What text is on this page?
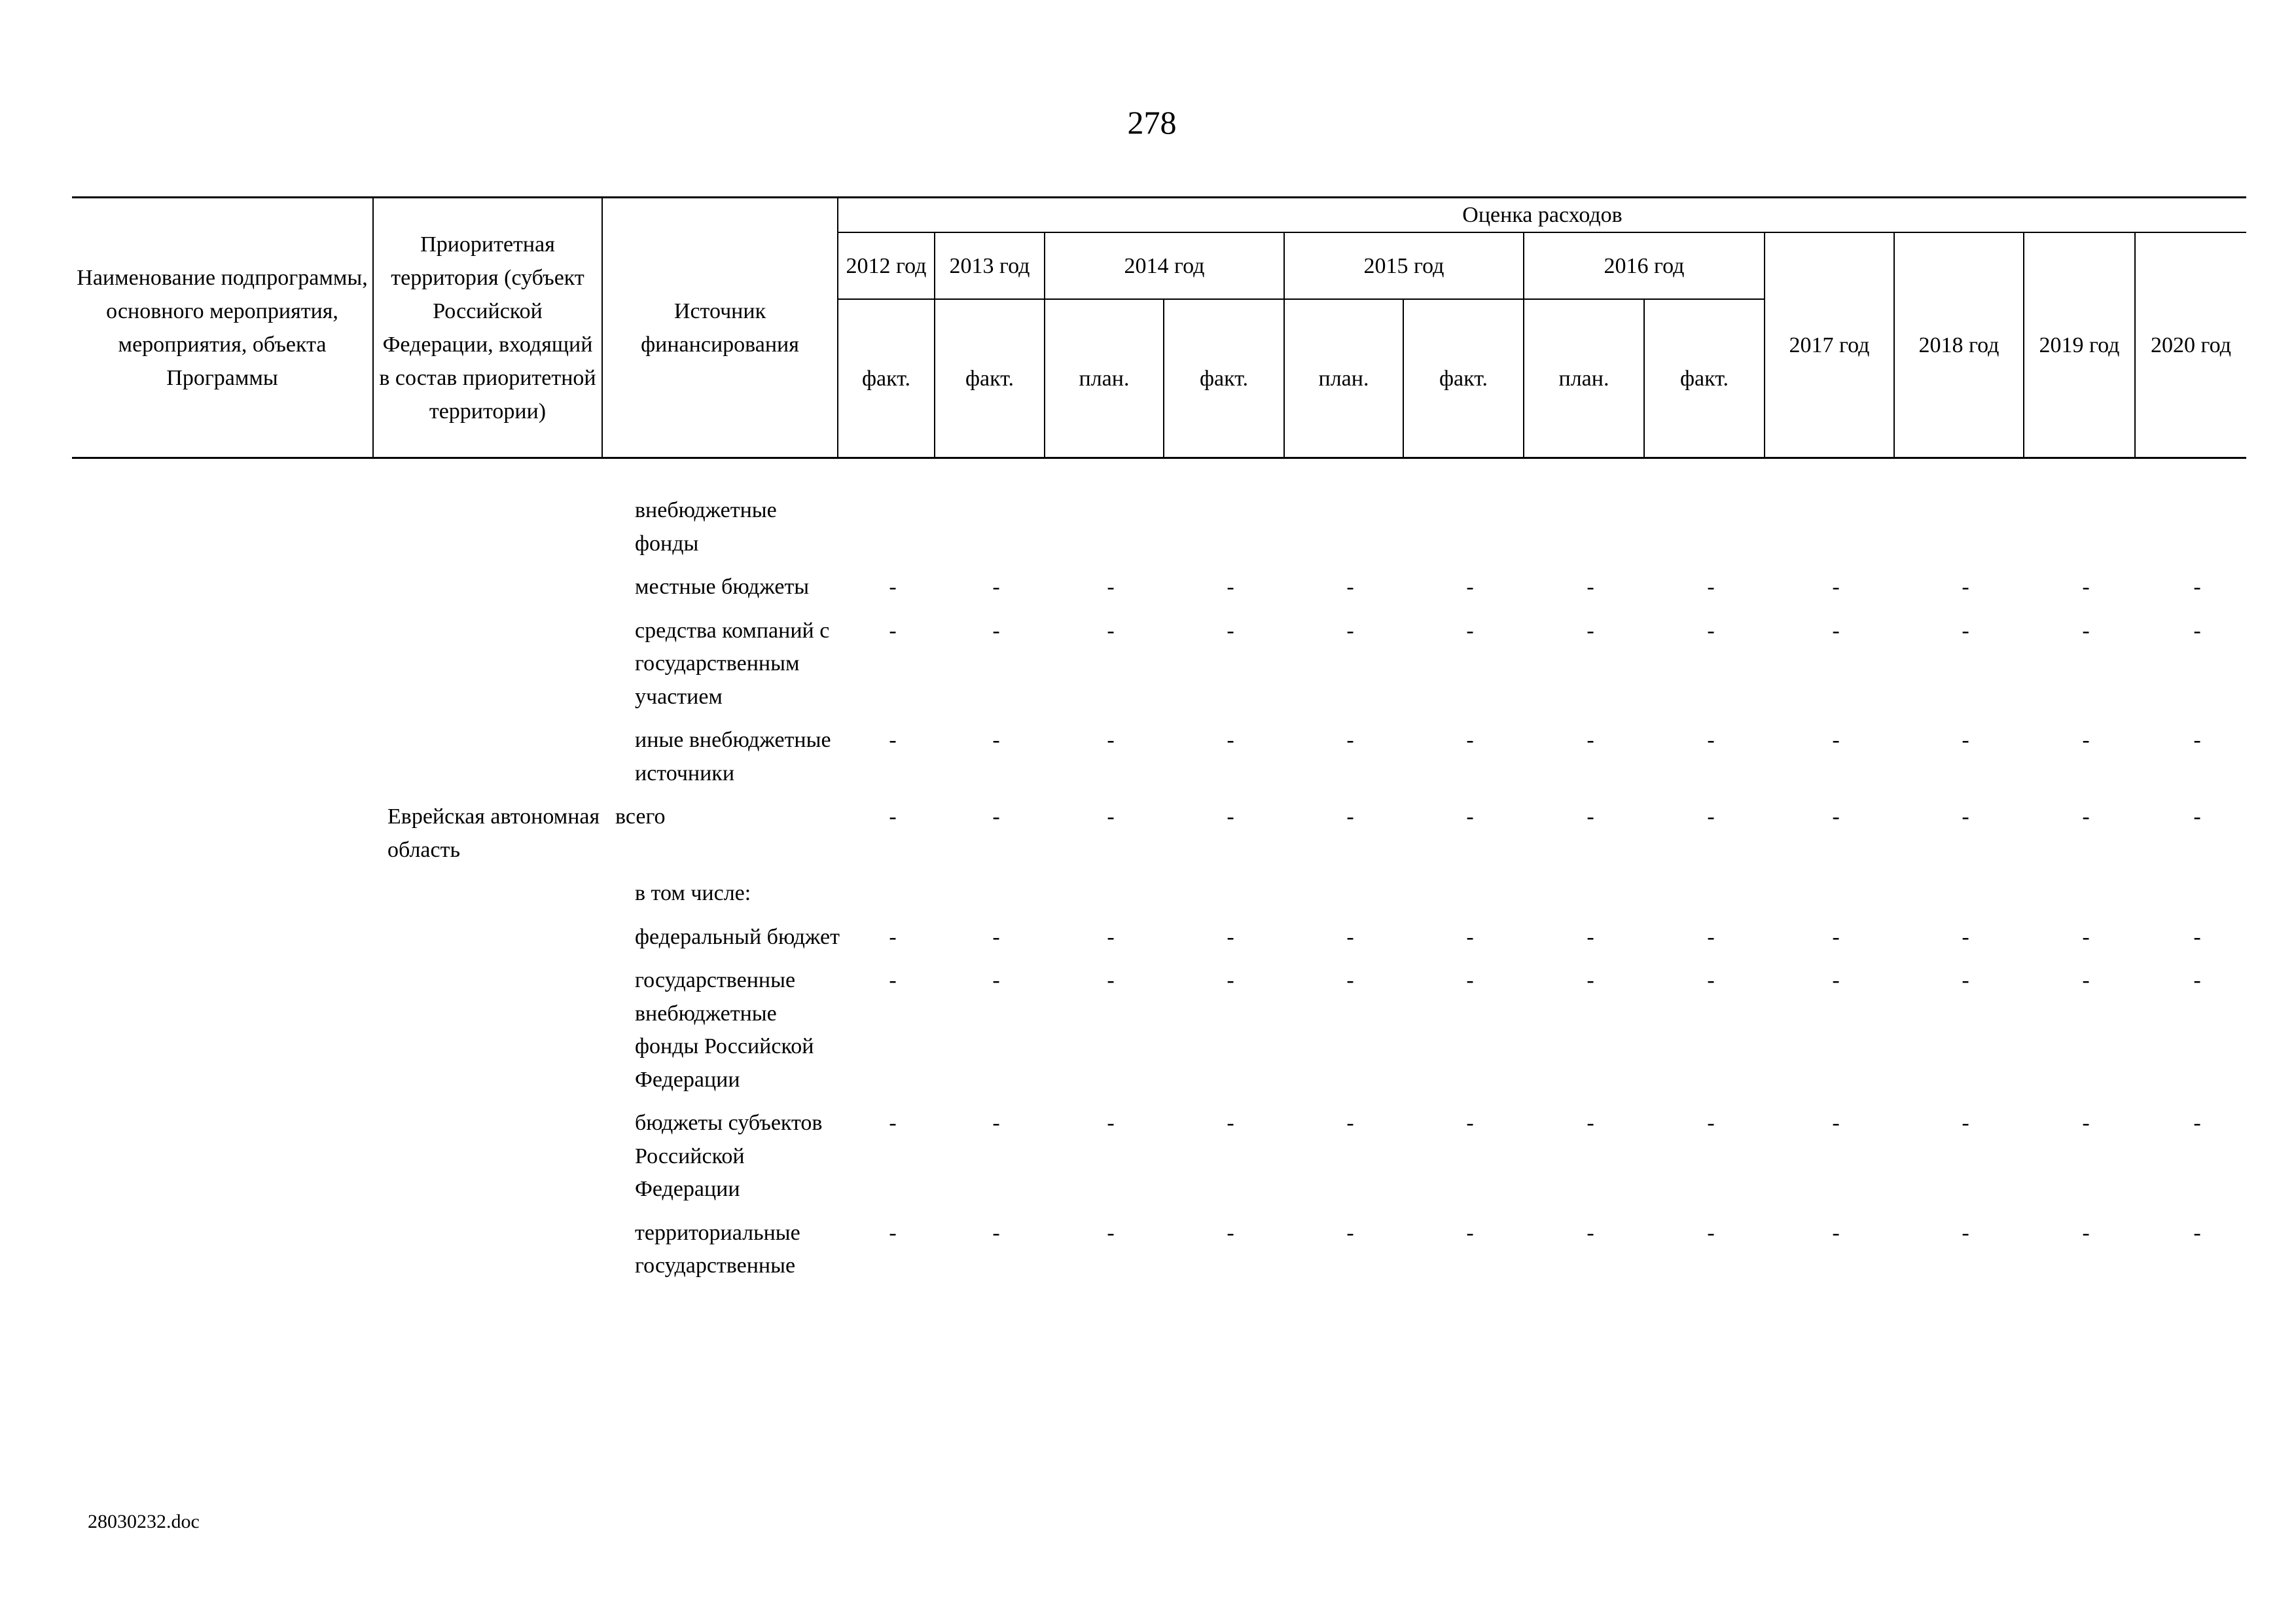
278
Наименование подпрограммы, основного мероприятия, мероприятия, объекта Программы	Приоритетная территория (субъект Российской Федерации, входящий в состав приоритетной территории)	Источник финансирования	Оценка расходов											
			2012 год	2013 год	2014 год		2015 год		2016 год		2017 год	2018 год	2019 год	2020 год
			факт.	факт.	план.	факт.	план.	факт.	план.	факт.				
		внебюджетные фонды												
		местные бюджеты	-	-	-	-	-	-	-	-	-	-	-	-
		средства компаний с государственным участием	-	-	-	-	-	-	-	-	-	-	-	-
		иные внебюджетные источники	-	-	-	-	-	-	-	-	-	-	-	-
	Еврейская автономная область	всего	-	-	-	-	-	-	-	-	-	-	-	-
		в том числе:												
		федеральный бюджет	-	-	-	-	-	-	-	-	-	-	-	-
		государственные внебюджетные фонды Российской Федерации	-	-	-	-	-	-	-	-	-	-	-	-
		бюджеты субъектов Российской Федерации	-	-	-	-	-	-	-	-	-	-	-	-
		территориальные государственные	-	-	-	-	-	-	-	-	-	-	-	-
28030232.doc
